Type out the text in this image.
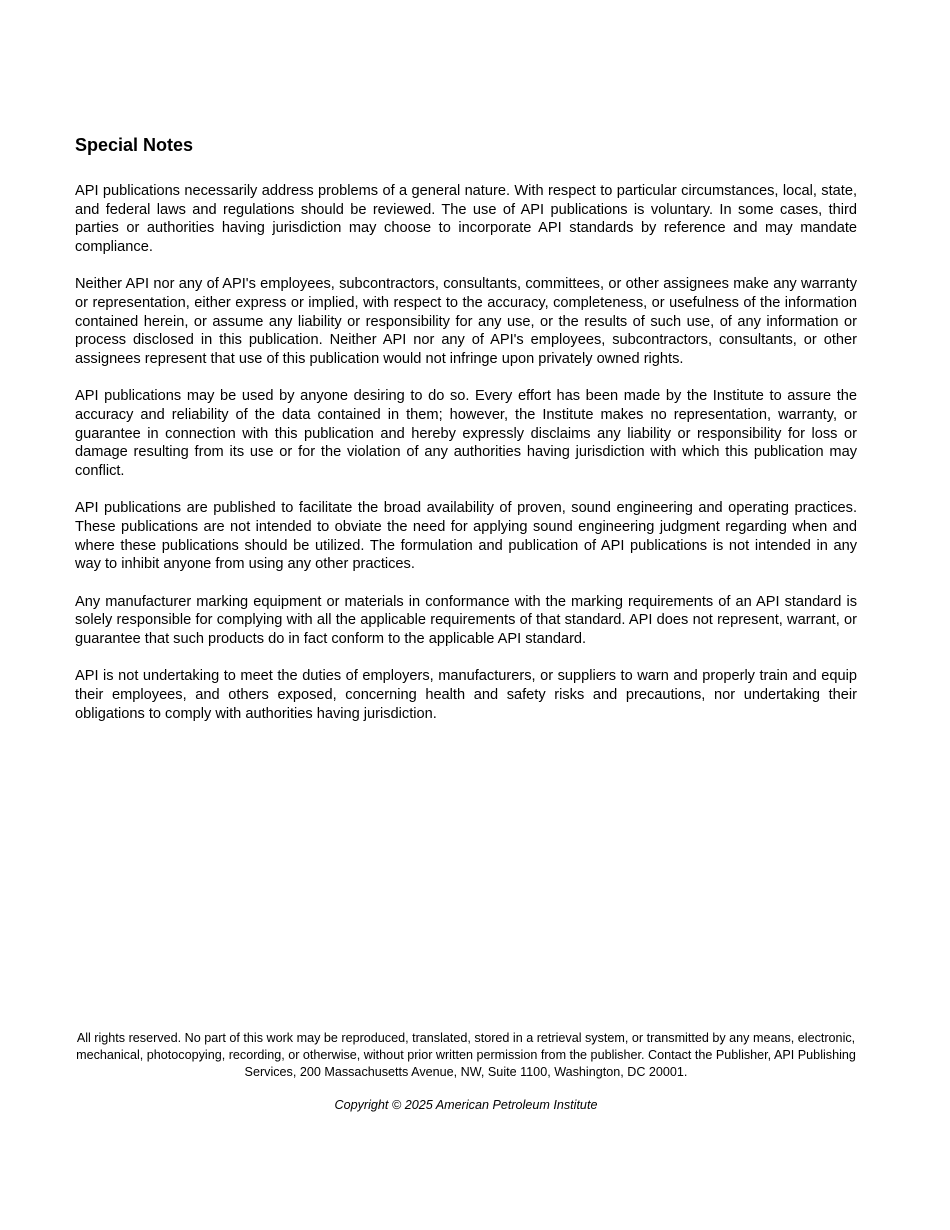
Special Notes

API publications necessarily address problems of a general nature. With respect to particular circumstances, local, state, and federal laws and regulations should be reviewed. The use of API publications is voluntary. In some cases, third parties or authorities having jurisdiction may choose to incorporate API standards by reference and may mandate compliance.

Neither API nor any of API's employees, subcontractors, consultants, committees, or other assignees make any warranty or representation, either express or implied, with respect to the accuracy, completeness, or usefulness of the information contained herein, or assume any liability or responsibility for any use, or the results of such use, of any information or process disclosed in this publication. Neither API nor any of API's employees, subcontractors, consultants, or other assignees represent that use of this publication would not infringe upon privately owned rights.

API publications may be used by anyone desiring to do so. Every effort has been made by the Institute to assure the accuracy and reliability of the data contained in them; however, the Institute makes no representation, warranty, or guarantee in connection with this publication and hereby expressly disclaims any liability or responsibility for loss or damage resulting from its use or for the violation of any authorities having jurisdiction with which this publication may conflict.

API publications are published to facilitate the broad availability of proven, sound engineering and operating practices. These publications are not intended to obviate the need for applying sound engineering judgment regarding when and where these publications should be utilized. The formulation and publication of API publications is not intended in any way to inhibit anyone from using any other practices.

Any manufacturer marking equipment or materials in conformance with the marking requirements of an API standard is solely responsible for complying with all the applicable requirements of that standard. API does not represent, warrant, or guarantee that such products do in fact conform to the applicable API standard.

API is not undertaking to meet the duties of employers, manufacturers, or suppliers to warn and properly train and equip their employees, and others exposed, concerning health and safety risks and precautions, nor undertaking their obligations to comply with authorities having jurisdiction.

All rights reserved. No part of this work may be reproduced, translated, stored in a retrieval system, or transmitted by any means, electronic, mechanical, photocopying, recording, or otherwise, without prior written permission from the publisher. Contact the Publisher, API Publishing Services, 200 Massachusetts Avenue, NW, Suite 1100, Washington, DC 20001.

Copyright © 2025 American Petroleum Institute
